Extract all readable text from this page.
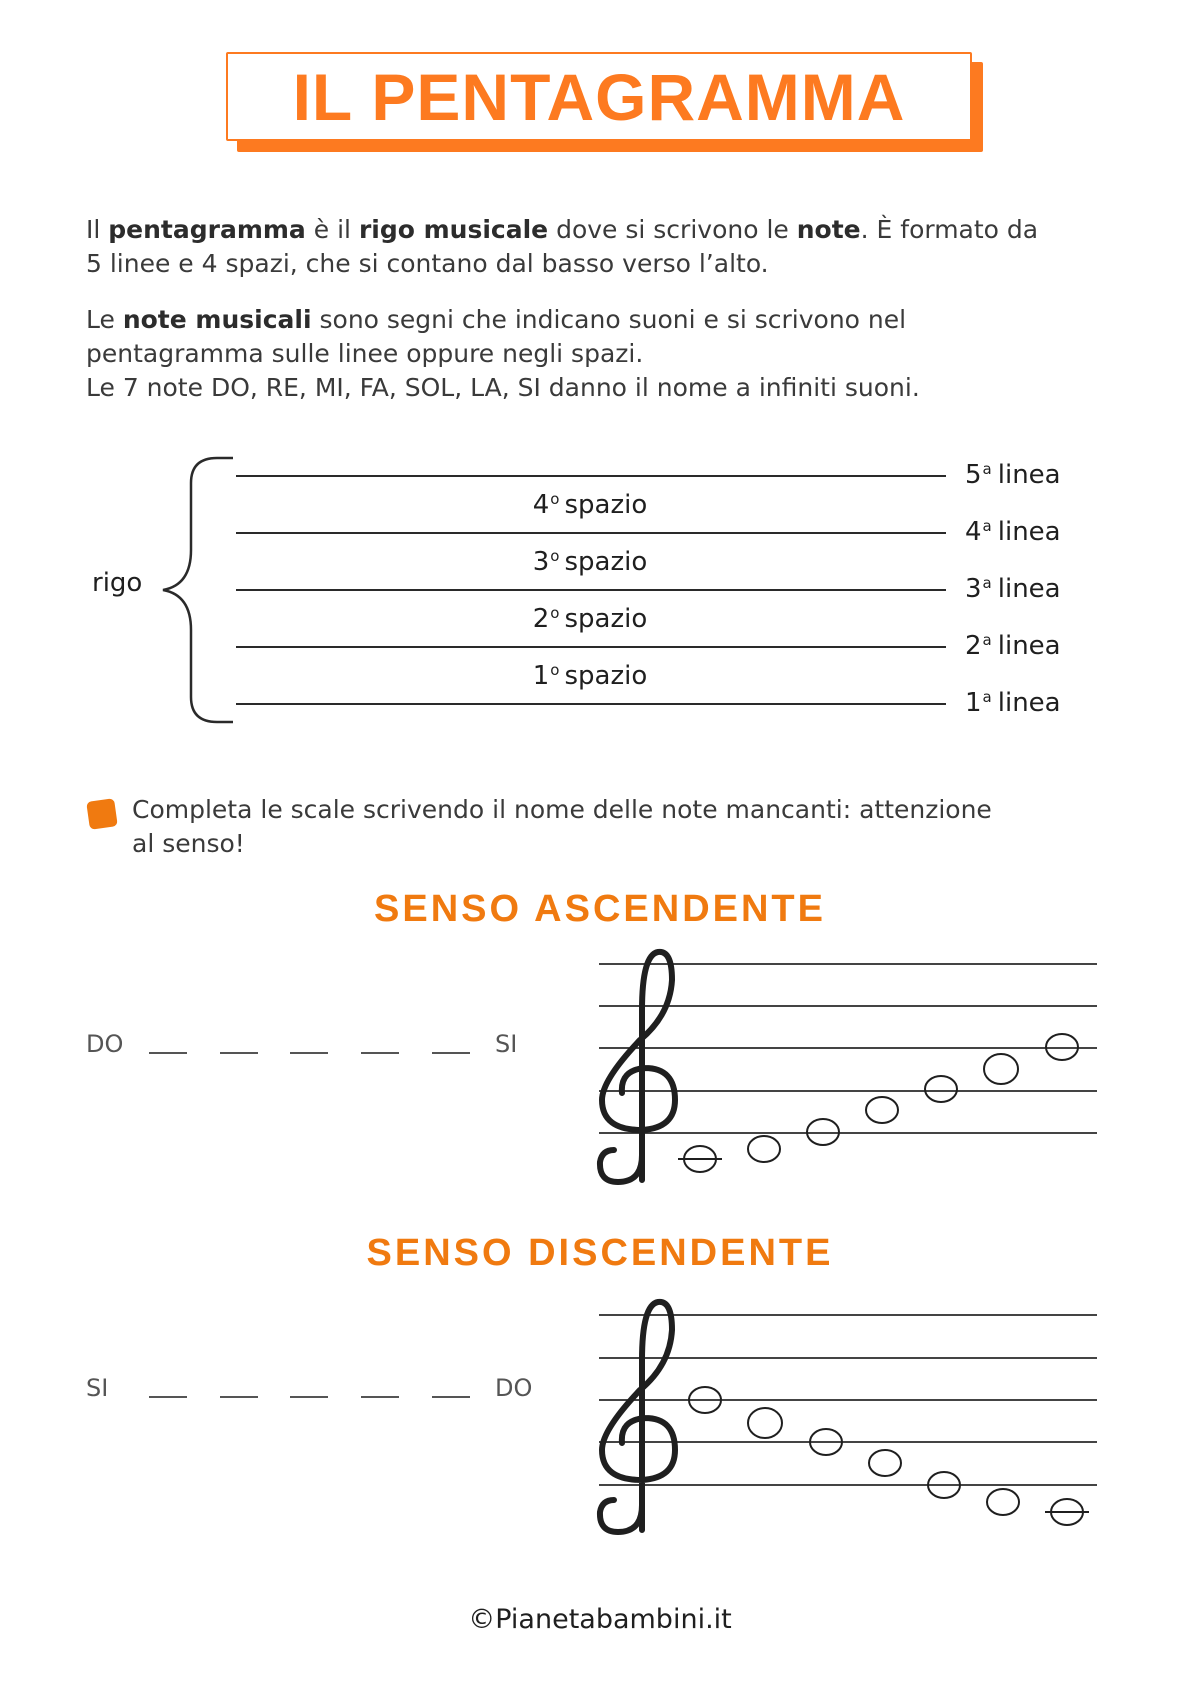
IL PENTAGRAMMA
Il pentagramma è il rigo musicale dove si scrivono le note. È formato da
5 linee e 4 spazi, che si contano dal basso verso l’alto.
Le note musicali sono segni che indicano suoni e si scrivono nel
pentagramma sulle linee oppure negli spazi.
Le 7 note DO, RE, MI, FA, SOL, LA, SI danno il nome a infiniti suoni.
rigo
4$^o$ spazio
3$^o$ spazio
2$^o$ spazio
1$^o$ spazio
5$^a$ linea
4$^a$ linea
3$^a$ linea
2$^a$ linea
1$^a$ linea
Completa le scale scrivendo il nome delle note mancanti: attenzione
al senso!
SENSO ASCENDENTE
DO	SI
SENSO DISCENDENTE
SI	DO
©Pianetabambini.it
